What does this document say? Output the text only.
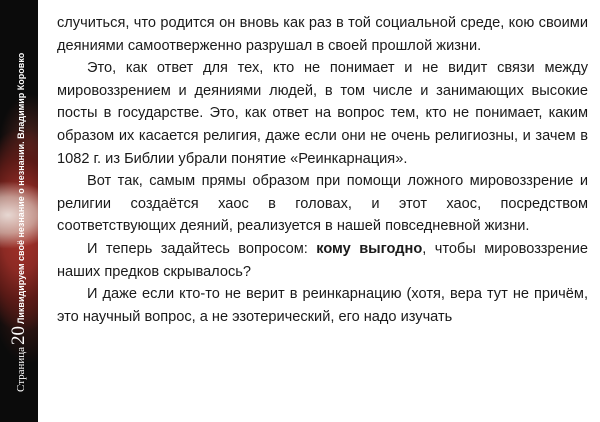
Страница20Ликвидируем своё незнание о незнании. Владимир Коровко

случиться, что родится он вновь как раз в той социальной среде, кою своими деяниями самоотверженно разрушал в своей прошлой жизни.

Это, как ответ для тех, кто не понимает и не видит связи между мировоззрением и деяниями людей, в том числе и занимающих высокие посты в государстве. Это, как ответ на вопрос тем, кто не понимает, каким образом их касается религия, даже если они не очень религиозны, и зачем в 1082 г. из Библии убрали понятие «Реинкарнация».

Вот так, самым прямы образом при помощи ложного мировоззрение и религии создаётся хаос в головах, и этот хаос, посредством соответствующих деяний, реализуется в нашей повседневной жизни.

И теперь задайтесь вопросом: кому выгодно, чтобы мировоззрение наших предков скрывалось?

И даже если кто-то не верит в реинкарнацию (хотя, вера тут не причём, это научный вопрос, а не эзотерический, его надо изучать
